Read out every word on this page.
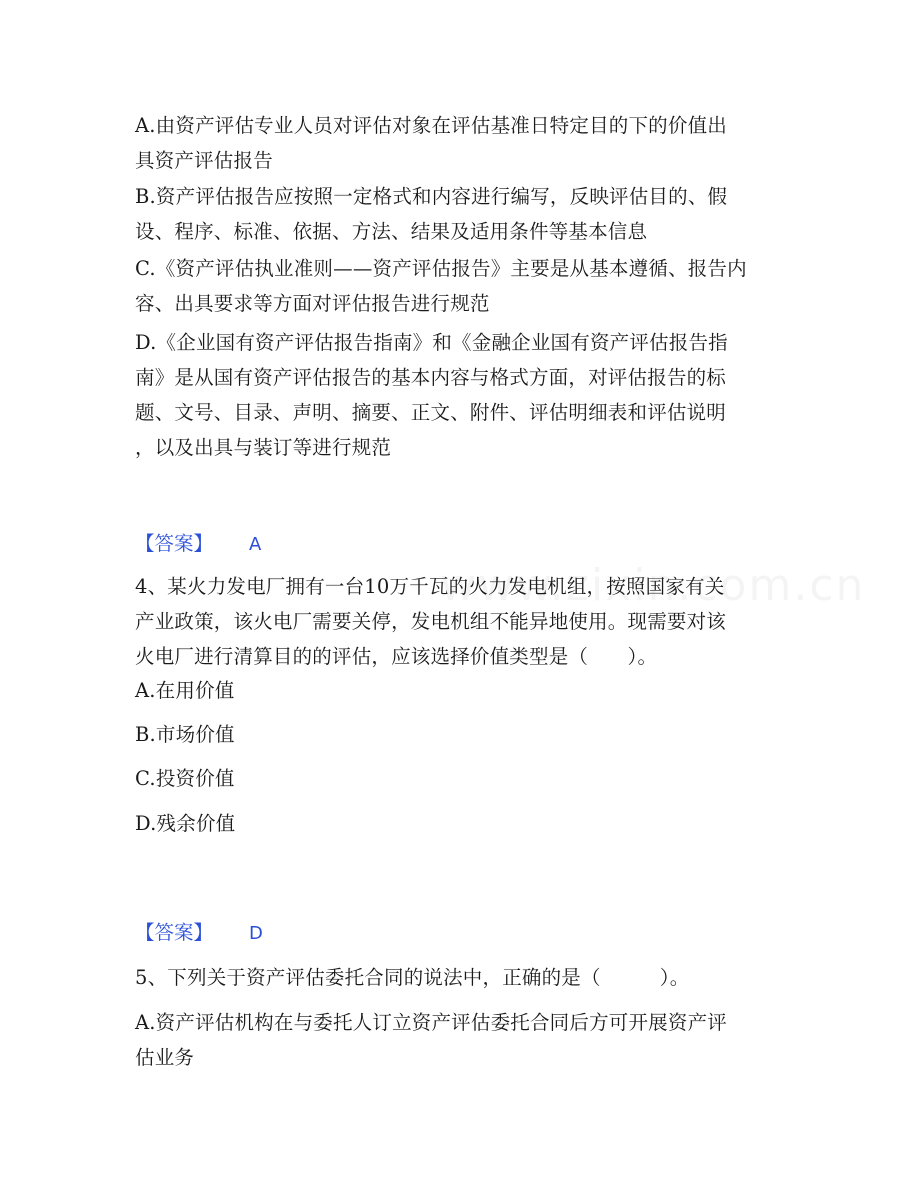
A.由资产评估专业人员对评估对象在评估基准日特定目的下的价值出
具资产评估报告
B.资产评估报告应按照一定格式和内容进行编写，反映评估目的、假
设、程序、标准、依据、方法、结果及适用条件等基本信息
C.《资产评估执业准则——资产评估报告》主要是从基本遵循、报告内
容、出具要求等方面对评估报告进行规范
D.《企业国有资产评估报告指南》和《金融企业国有资产评估报告指
南》是从国有资产评估报告的基本内容与格式方面，对评估报告的标
题、文号、目录、声明、摘要、正文、附件、评估明细表和评估说明
，以及出具与装订等进行规范
【答案】 A
4、某火力发电厂拥有一台10万千瓦的火力发电机组，按照国家有关
产业政策，该火电厂需要关停，发电机组不能异地使用。现需要对该
火电厂进行清算目的的评估，应该选择价值类型是（　　）。
A.在用价值
B.市场价值
C.投资价值
D.残余价值
【答案】 D
5、下列关于资产评估委托合同的说法中，正确的是（　　　）。
A.资产评估机构在与委托人订立资产评估委托合同后方可开展资产评
估业务
